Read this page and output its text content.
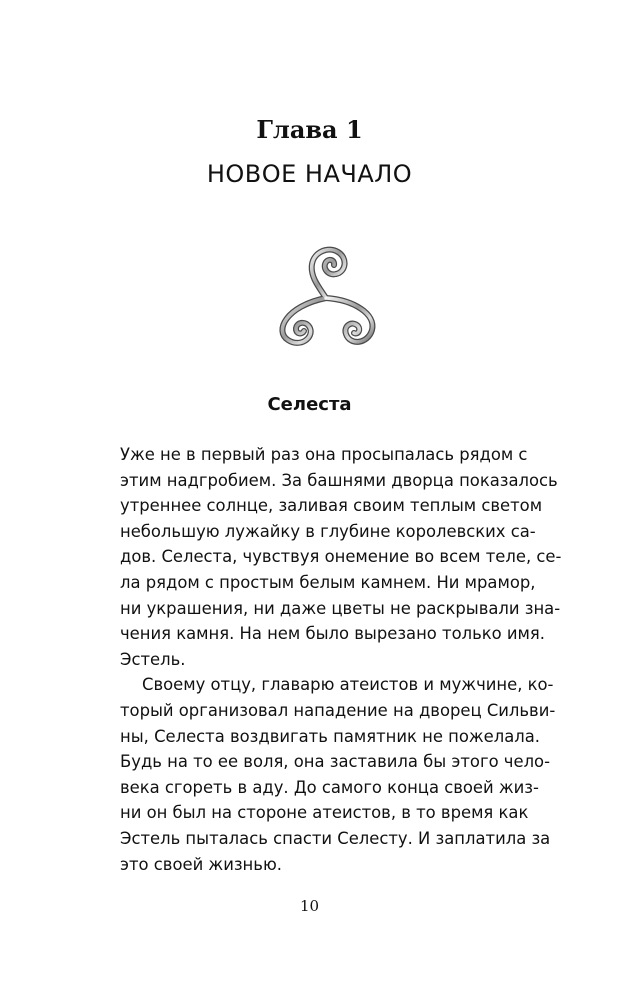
Глава 1
НОВОЕ НАЧАЛО
Селеста
Уже не в первый раз она просыпалась рядом с
этим надгробием. За башнями дворца показалось
утреннее солнце, заливая своим теплым светом
небольшую лужайку в глубине королевских са-
дов. Селеста, чувствуя онемение во всем теле, се-
ла рядом с простым белым камнем. Ни мрамор,
ни украшения, ни даже цветы не раскрывали зна-
чения камня. На нем было вырезано только имя.
Эстель.
Своему отцу, главарю атеистов и мужчине, ко-
торый организовал нападение на дворец Сильви-
ны, Селеста воздвигать памятник не пожелала.
Будь на то ее воля, она заставила бы этого чело-
века сгореть в аду. До самого конца своей жиз-
ни он был на стороне атеистов, в то время как
Эстель пыталась спасти Селесту. И заплатила за
это своей жизнью.
10
